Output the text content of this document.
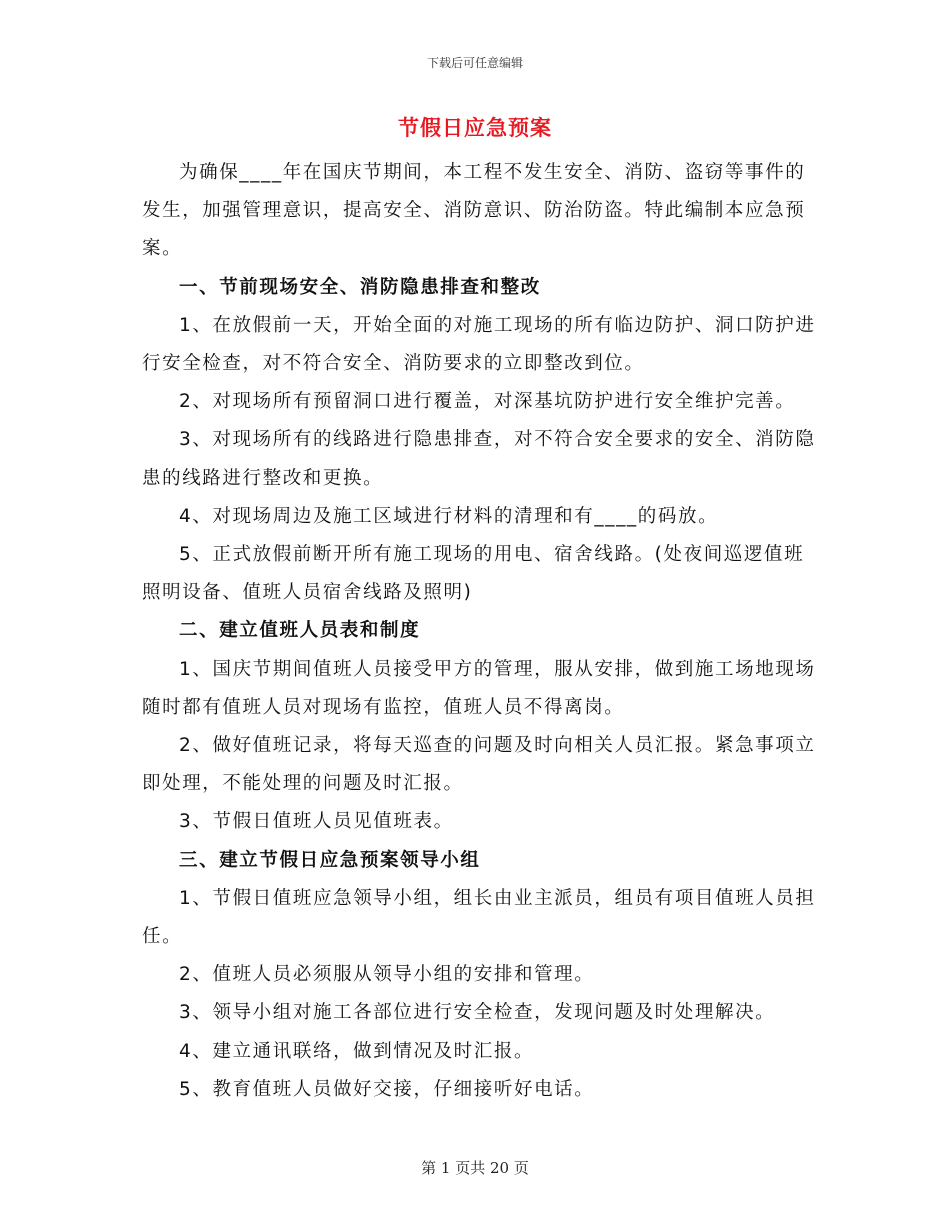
下载后可任意编辑
节假日应急预案

为确保____年在国庆节期间，本工程不发生安全、消防、盗窃等事件的发生，加强管理意识，提高安全、消防意识、防治防盗。特此编制本应急预案。

一、节前现场安全、消防隐患排查和整改

1、在放假前一天，开始全面的对施工现场的所有临边防护、洞口防护进行安全检查，对不符合安全、消防要求的立即整改到位。

2、对现场所有预留洞口进行覆盖，对深基坑防护进行安全维护完善。

3、对现场所有的线路进行隐患排查，对不符合安全要求的安全、消防隐患的线路进行整改和更换。

4、对现场周边及施工区域进行材料的清理和有____的码放。

5、正式放假前断开所有施工现场的用电、宿舍线路。(处夜间巡逻值班照明设备、值班人员宿舍线路及照明)

二、建立值班人员表和制度

1、国庆节期间值班人员接受甲方的管理，服从安排，做到施工场地现场随时都有值班人员对现场有监控，值班人员不得离岗。

2、做好值班记录，将每天巡查的问题及时向相关人员汇报。紧急事项立即处理，不能处理的问题及时汇报。

3、节假日值班人员见值班表。

三、建立节假日应急预案领导小组

1、节假日值班应急领导小组，组长由业主派员，组员有项目值班人员担任。

2、值班人员必须服从领导小组的安排和管理。

3、领导小组对施工各部位进行安全检查，发现问题及时处理解决。

4、建立通讯联络，做到情况及时汇报。

5、教育值班人员做好交接，仔细接听好电话。

第 1 页共 20 页
